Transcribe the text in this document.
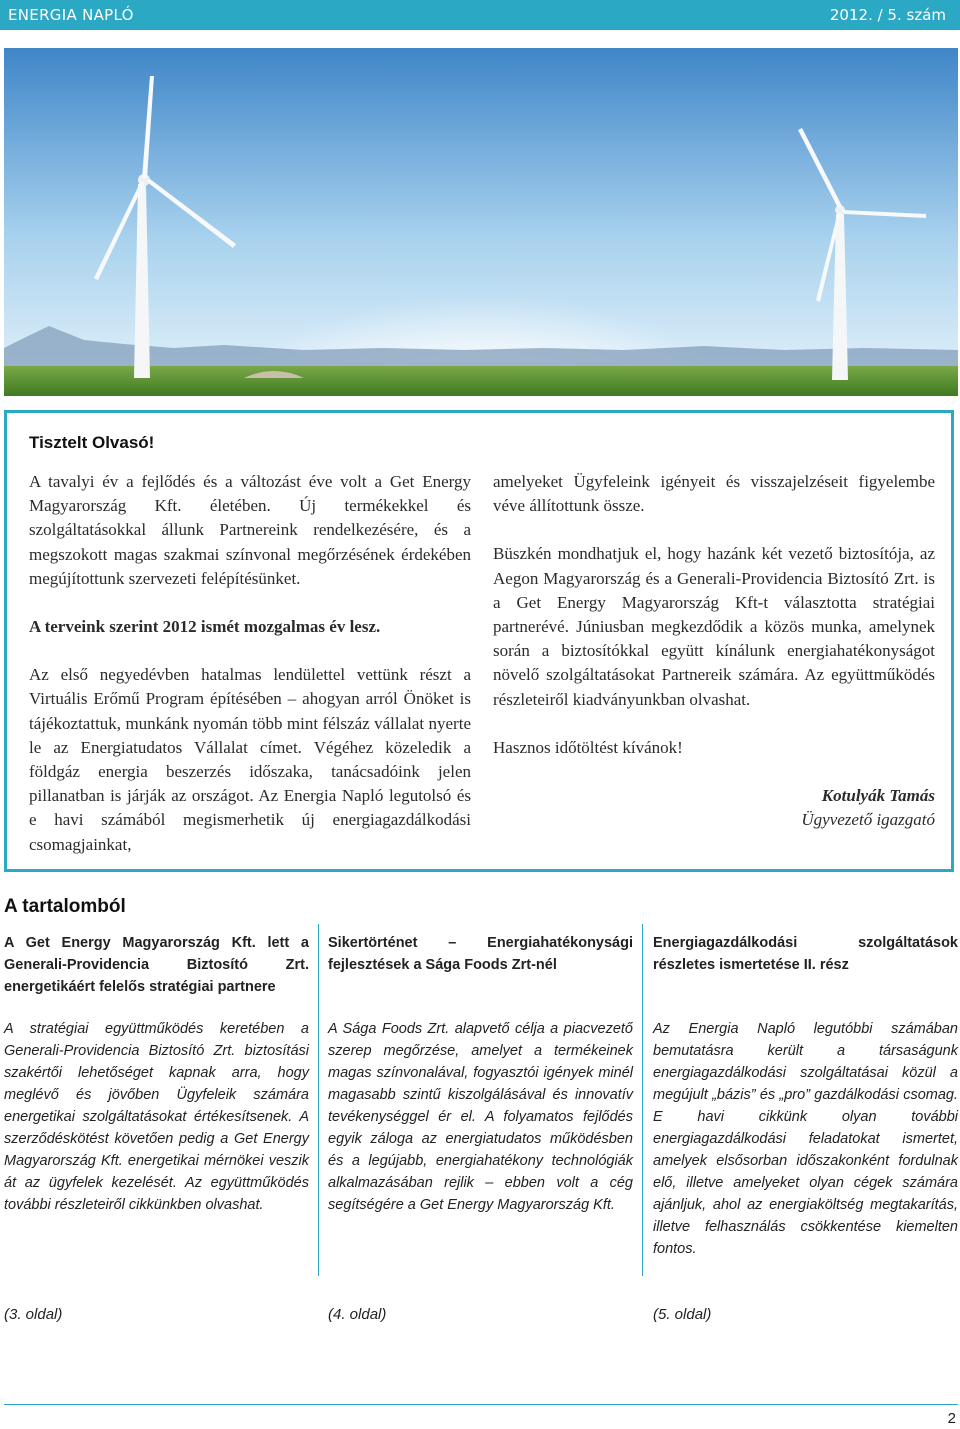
ENERGIA NAPLÓ	2012. / 5. szám
Tisztelt Olvasó!

A tavalyi év a fejlődés és a változást éve volt a Get Energy Magyarország Kft. életében. Új termékekkel és szolgáltatásokkal állunk Partnereink rendelkezésére, és a megszokott magas szakmai színvonal megőrzésének érdekében megújítottunk szervezeti felépítésünket.

A terveink szerint 2012 ismét mozgalmas év lesz.

Az első negyedévben hatalmas lendülettel vettünk részt a Virtuális Erőmű Program építésében – ahogyan arról Önöket is tájékoztattuk, munkánk nyomán több mint félszáz vállalat nyerte le az Energiatudatos Vállalat címet. Végéhez közeledik a földgáz energia beszerzés időszaka, tanácsadóink jelen pillanatban is járják az országot. Az Energia Napló legutolsó és e havi számából megismerhetik új energiagazdálkodási csomagjainkat,

amelyeket Ügyfeleink igényeit és visszajelzéseit figyelembe véve állítottunk össze.

Büszkén mondhatjuk el, hogy hazánk két vezető biztosítója, az Aegon Magyarország és a Generali-Providencia Biztosító Zrt. is a Get Energy Magyarország Kft-t választotta stratégiai partnerévé. Júniusban megkezdődik a közös munka, amelynek során a biztosítókkal együtt kínálunk energiahatékonyságot növelő szolgáltatásokat Partnereik számára. Az együttműködés részleteiről kiadványunkban olvashat.

Hasznos időtöltést kívánok!

Kotulyák Tamás
Ügyvezető igazgató

A tartalomból
A Get Energy Magyarország Kft. lett a Generali-Providencia Biztosító Zrt. energetikáért felelős stratégiai partnere

A stratégiai együttműködés keretében a Generali-Providencia Biztosító Zrt. biztosítási szakértői lehetőséget kapnak arra, hogy meglévő és jövőben Ügyfeleik számára energetikai szolgáltatásokat értékesítsenek. A szerződéskötést követően pedig a Get Energy Magyarország Kft. energetikai mérnökei veszik át az ügyfelek kezelését. Az együttműködés további részleteiről cikkünkben olvashat.

(3. oldal)
Sikertörténet – Energiahatékonysági fejlesztések a Sága Foods Zrt-nél

A Sága Foods Zrt. alapvető célja a piacvezető szerep megőrzése, amelyet a termékeinek magas színvonalával, fogyasztói igények minél magasabb szintű kiszolgálásával és innovatív tevékenységgel ér el. A folyamatos fejlődés egyik záloga az energiatudatos működésben és a legújabb, energiahatékony technológiák alkalmazásában rejlik – ebben volt a cég segítségére a Get Energy Magyarország Kft.

(4. oldal)
Energiagazdálkodási szolgáltatások részletes ismertetése II. rész

Az Energia Napló legutóbbi számában bemutatásra került a társaságunk energiagazdálkodási szolgáltatásai közül a megújult „bázis” és „pro” gazdálkodási csomag. E havi cikkünk olyan további energiagazdálkodási feladatokat ismertet, amelyek elsősorban időszakonként fordulnak elő, illetve amelyeket olyan cégek számára ajánljuk, ahol az energiaköltség megtakarítás, illetve felhasználás csökkentése kiemelten fontos.

(5. oldal)
2
